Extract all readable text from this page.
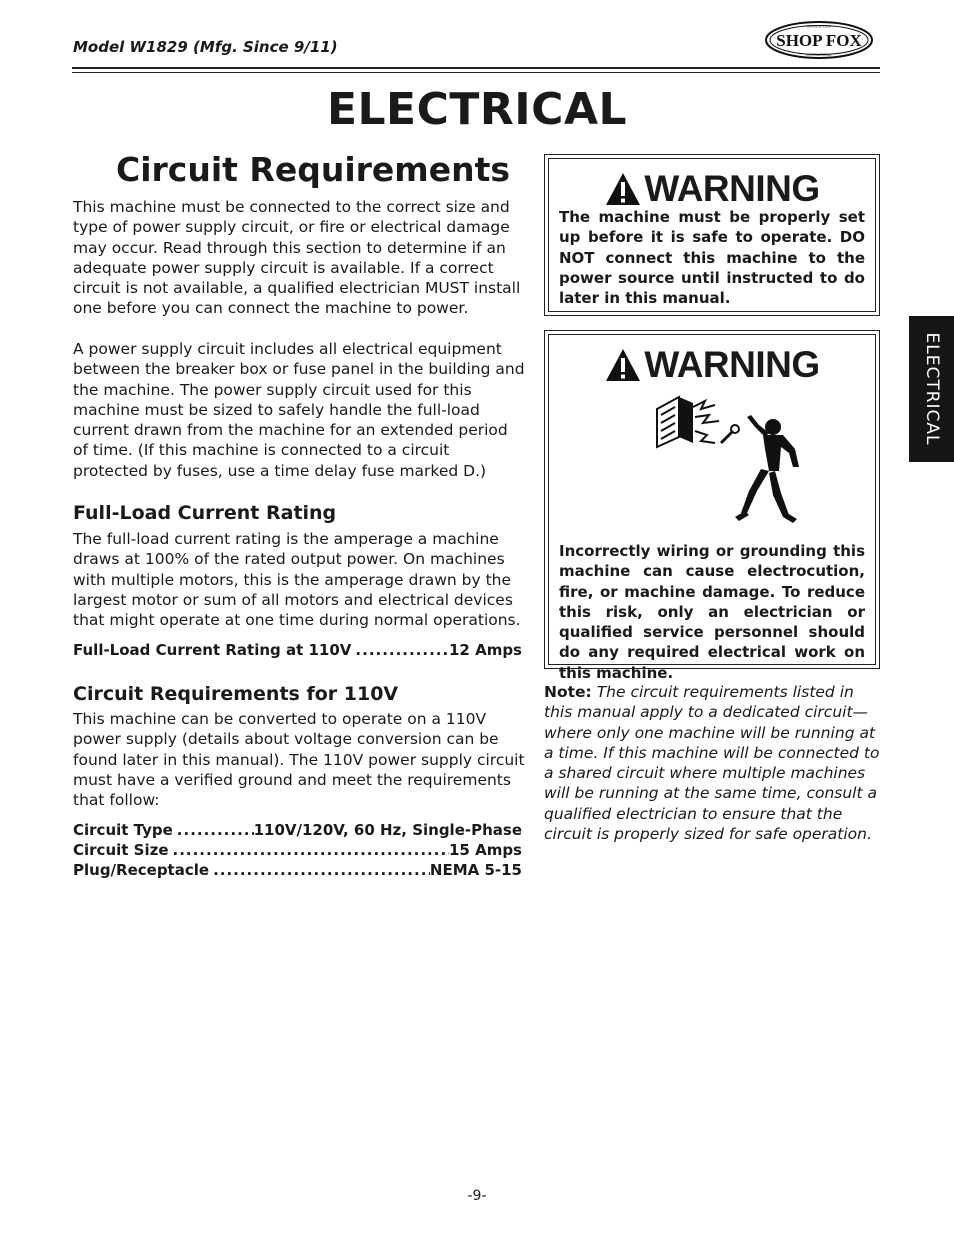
Model W1829 (Mfg. Since 9/11)	SHOP FOX
WOODSTOCK
INTERNATIONAL
ELECTRICAL
Circuit Requirements

This machine must be connected to the correct size and type of power supply circuit, or fire or electrical damage may occur. Read through this section to determine if an adequate power supply circuit is available. If a correct circuit is not available, a qualified electrician MUST install one before you can connect the machine to power.

A power supply circuit includes all electrical equipment between the breaker box or fuse panel in the building and the machine. The power supply circuit used for this machine must be sized to safely handle the full-load current drawn from the machine for an extended period of time. (If this machine is connected to a circuit protected by fuses, use a time delay fuse marked D.)

Full-Load Current Rating

The full-load current rating is the amperage a machine draws at 100% of the rated output power. On machines with multiple motors, this is the amperage drawn by the largest motor or sum of all motors and electrical devices that might operate at one time during normal operations.

Full-Load Current Rating at 110V .....	12 Amps
Circuit Requirements for 110V

This machine can be converted to operate on a 110V power supply (details about voltage conversion can be found later in this manual). The 110V power supply circuit must have a verified ground and meet the requirements that follow:

Circuit Type .....	110V/120V, 60 Hz, Single-Phase
Circuit Size .....	15 Amps
Plug/Receptacle .....	NEMA 5-15
WARNING

The machine must be properly set up before it is safe to operate. DO NOT connect this machine to the power source until instructed to do later in this manual.

WARNING

Incorrectly wiring or grounding this machine can cause electrocution, fire, or machine damage. To reduce this risk, only an electrician or qualified service personnel should do any required electrical work on this machine.

Note: The circuit requirements listed in this manual apply to a dedicated circuit—where only one machine will be running at a time. If this machine will be connected to a shared circuit where multiple machines will be running at the same time, consult a qualified electrician to ensure that the circuit is properly sized for safe operation.

ELECTRICAL
-9-
